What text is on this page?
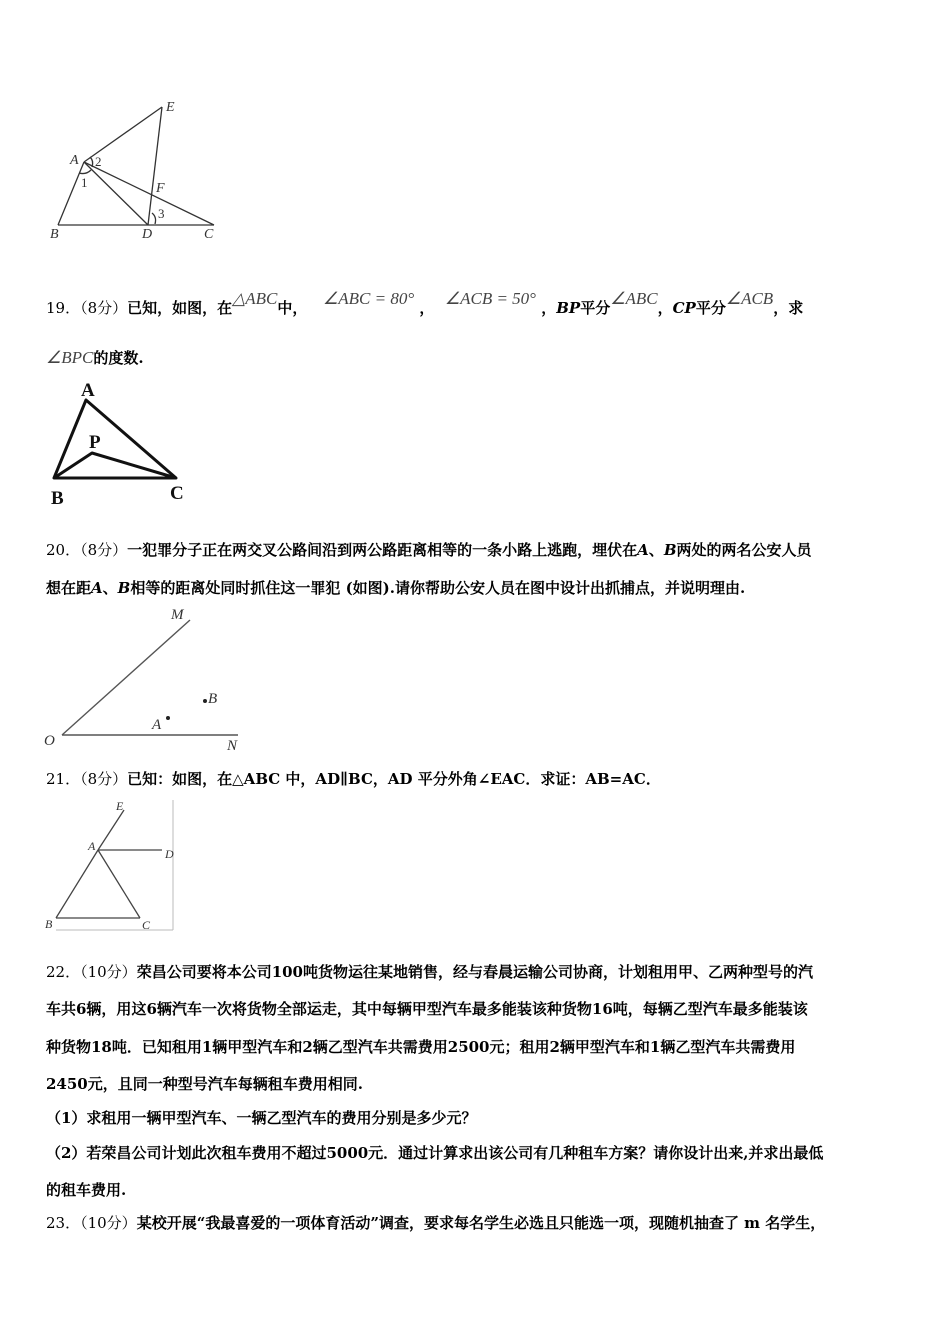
E
A
F
B	D	C
1
2
3
19．（8分）已知，如图，在△ABC中， ∠ABC = 80° ， ∠ACB = 50° ，BP平分∠ABC，CP平分∠ACB，求
∠BPC的度数.
A
P
B	C
20．（8分）一犯罪分子正在两交叉公路间沿到两公路距离相等的一条小路上逃跑，埋伏在A、B两处的两名公安人员
想在距A、B相等的距离处同时抓住这一罪犯 (如图).请你帮助公安人员在图中设计出抓捕点，并说明理由.
M
O	N
A
B
21．（8分）已知：如图，在△ABC 中，AD∥BC，AD 平分外角∠EAC．求证：AB=AC．
E
A
D
B	C
22．（10分）荣昌公司要将本公司100吨货物运往某地销售，经与春晨运输公司协商，计划租用甲、乙两种型号的汽
车共6辆，用这6辆汽车一次将货物全部运走，其中每辆甲型汽车最多能装该种货物16吨，每辆乙型汽车最多能装该
种货物18吨．已知租用1辆甲型汽车和2辆乙型汽车共需费用2500元；租用2辆甲型汽车和1辆乙型汽车共需费用
2450元，且同一种型号汽车每辆租车费用相同.
（1）求租用一辆甲型汽车、一辆乙型汽车的费用分别是多少元？
（2）若荣昌公司计划此次租车费用不超过5000元．通过计算求出该公司有几种租车方案？请你设计出来,并求出最低
的租车费用.
23．（10分）某校开展“我最喜爱的一项体育活动”调查，要求每名学生必选且只能选一项，现随机抽查了 m 名学生，
